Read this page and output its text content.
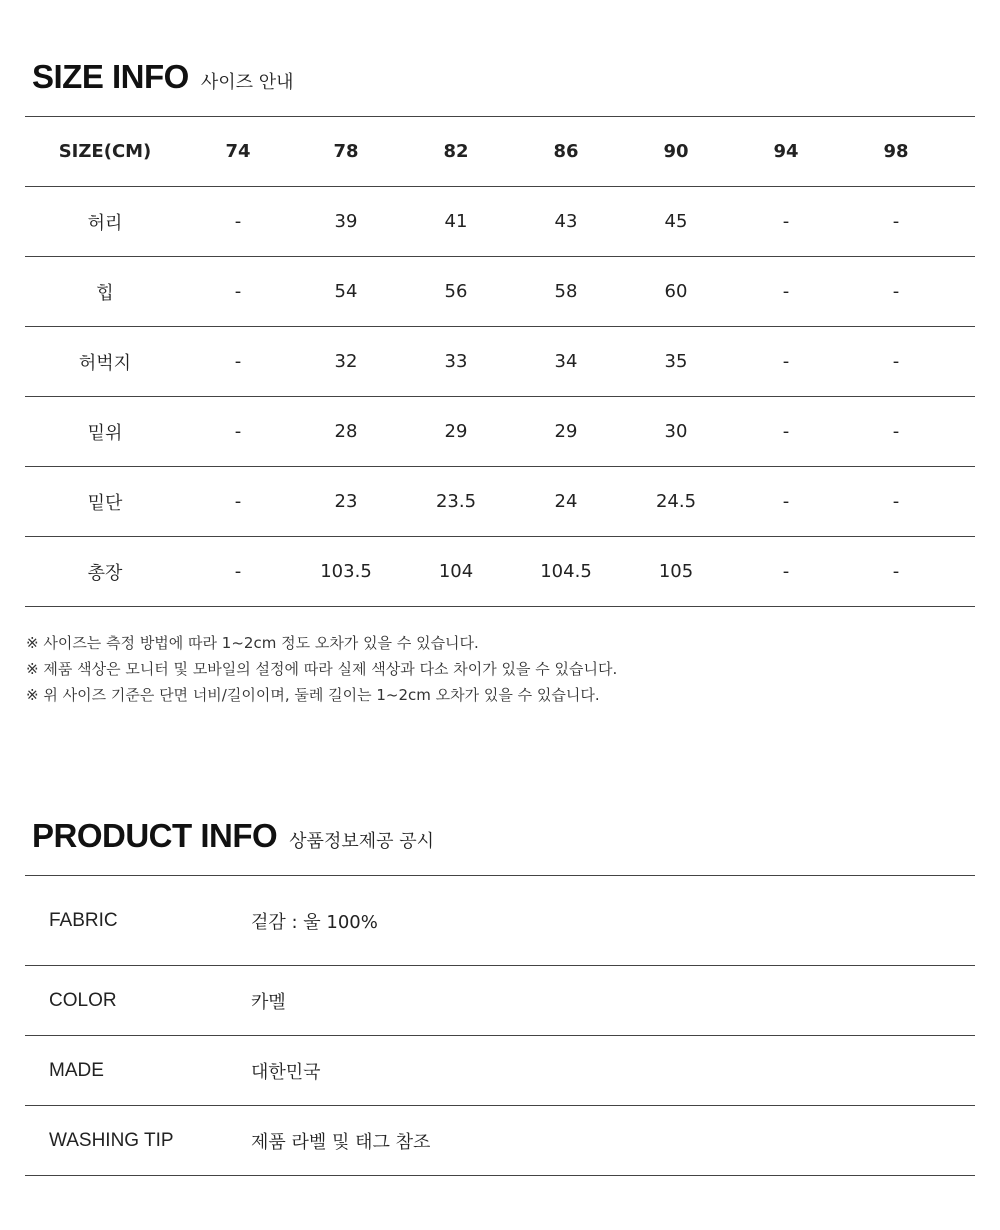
SIZE INFO 사이즈 안내
SIZE(CM)	74	78	82	86	90	94	98
허리	-	39	41	43	45	-	-
힙	-	54	56	58	60	-	-
허벅지	-	32	33	34	35	-	-
밑위	-	28	29	29	30	-	-
밑단	-	23	23.5	24	24.5	-	-
총장	-	103.5	104	104.5	105	-	-
※ 사이즈는 측정 방법에 따라 1~2cm 정도 오차가 있을 수 있습니다.
※ 제품 색상은 모니터 및 모바일의 설정에 따라 실제 색상과 다소 차이가 있을 수 있습니다.
※ 위 사이즈 기준은 단면 너비/길이이며, 둘레 길이는 1~2cm 오차가 있을 수 있습니다.
PRODUCT INFO 상품정보제공 공시
FABRIC	겉감 : 울 100%
COLOR	카멜
MADE	대한민국
WASHING TIP	제품 라벨 및 태그 참조
